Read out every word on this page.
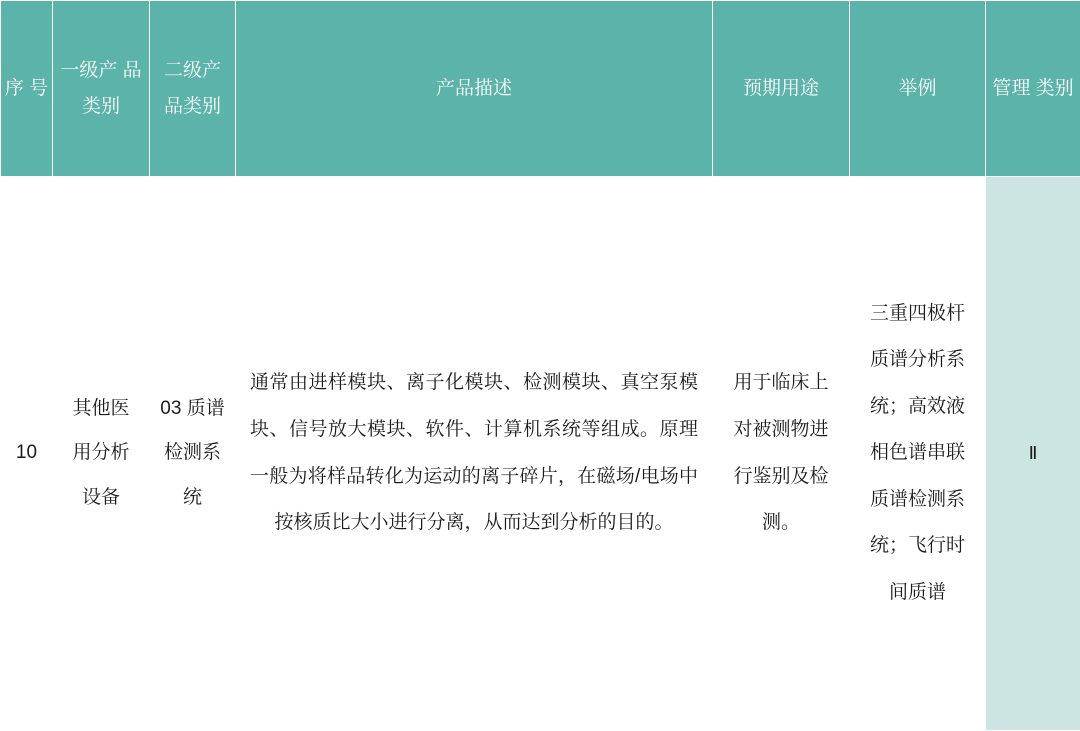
序 号	一级产 品类别	二级产 品类别	产品描述	预期用途	举例	管理 类别
10	其他医 用分析 设备	03 质谱 检测系 统	通常由进样模块、离子化模块、检测模块、真空泵模块、信号放大模块、软件、计算机系统等组成。原理一般为将样品转化为运动的离子碎片，在磁场/电场中按核质比大小进行分离，从而达到分析的目的。	用于临床上对被测物进行鉴别及检测。	三重四极杆质谱分析系统；高效液相色谱串联质谱检测系统；飞行时间质谱	Ⅱ
